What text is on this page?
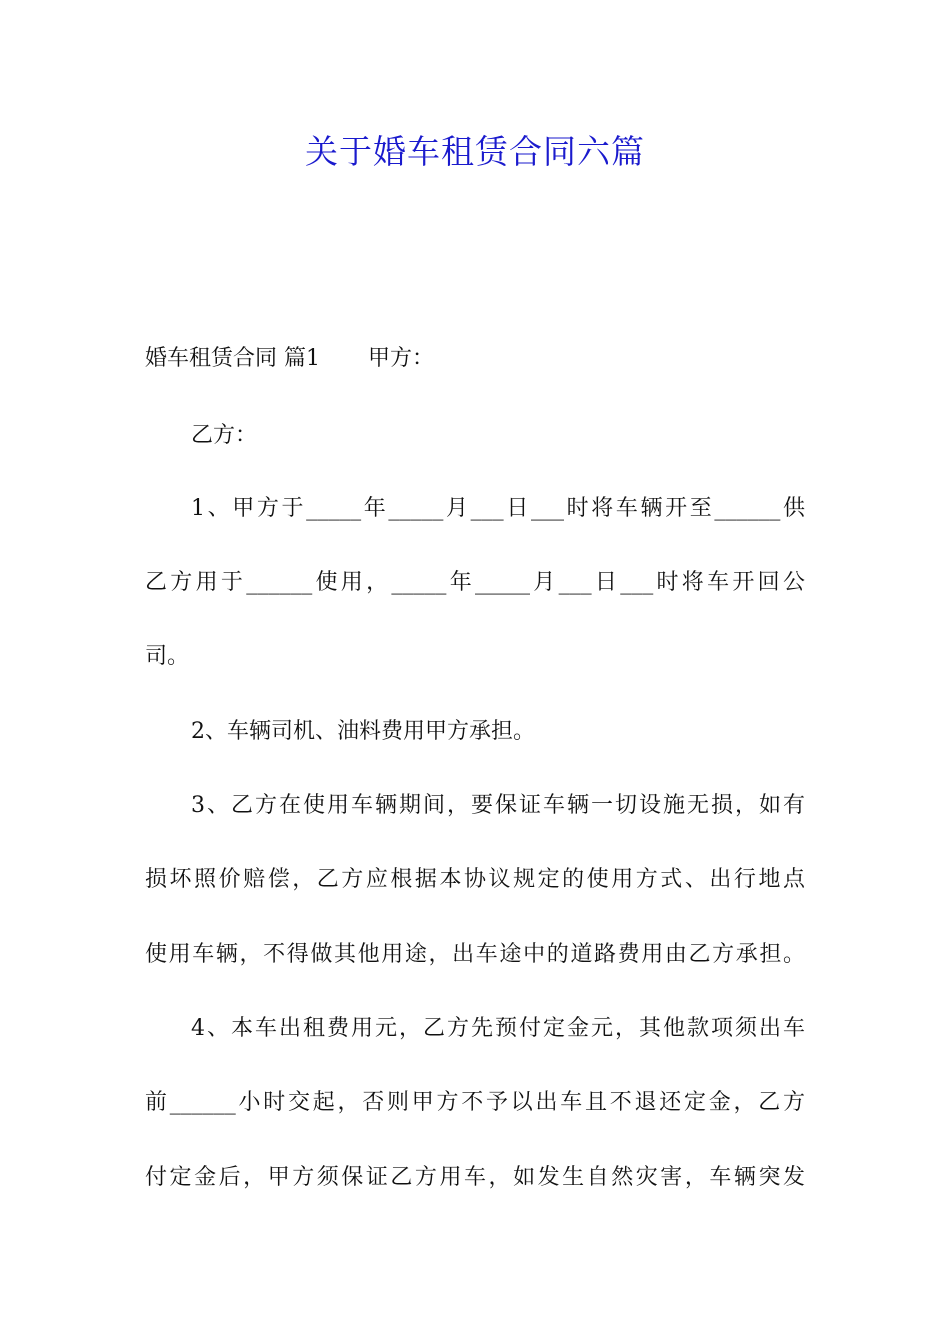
关于婚车租赁合同六篇
婚车租赁合同 篇1 甲方：
乙方：
1、甲方于_____年_____月___日___时将车辆开至______供
乙方用于______使用，_____年_____月___日___时将车开回公
司。
2、车辆司机、油料费用甲方承担。
3、乙方在使用车辆期间，要保证车辆一切设施无损，如有
损坏照价赔偿，乙方应根据本协议规定的使用方式、出行地点
使用车辆，不得做其他用途，出车途中的道路费用由乙方承担。
4、本车出租费用元，乙方先预付定金元，其他款项须出车
前______小时交起，否则甲方不予以出车且不退还定金，乙方
付定金后，甲方须保证乙方用车，如发生自然灾害，车辆突发
